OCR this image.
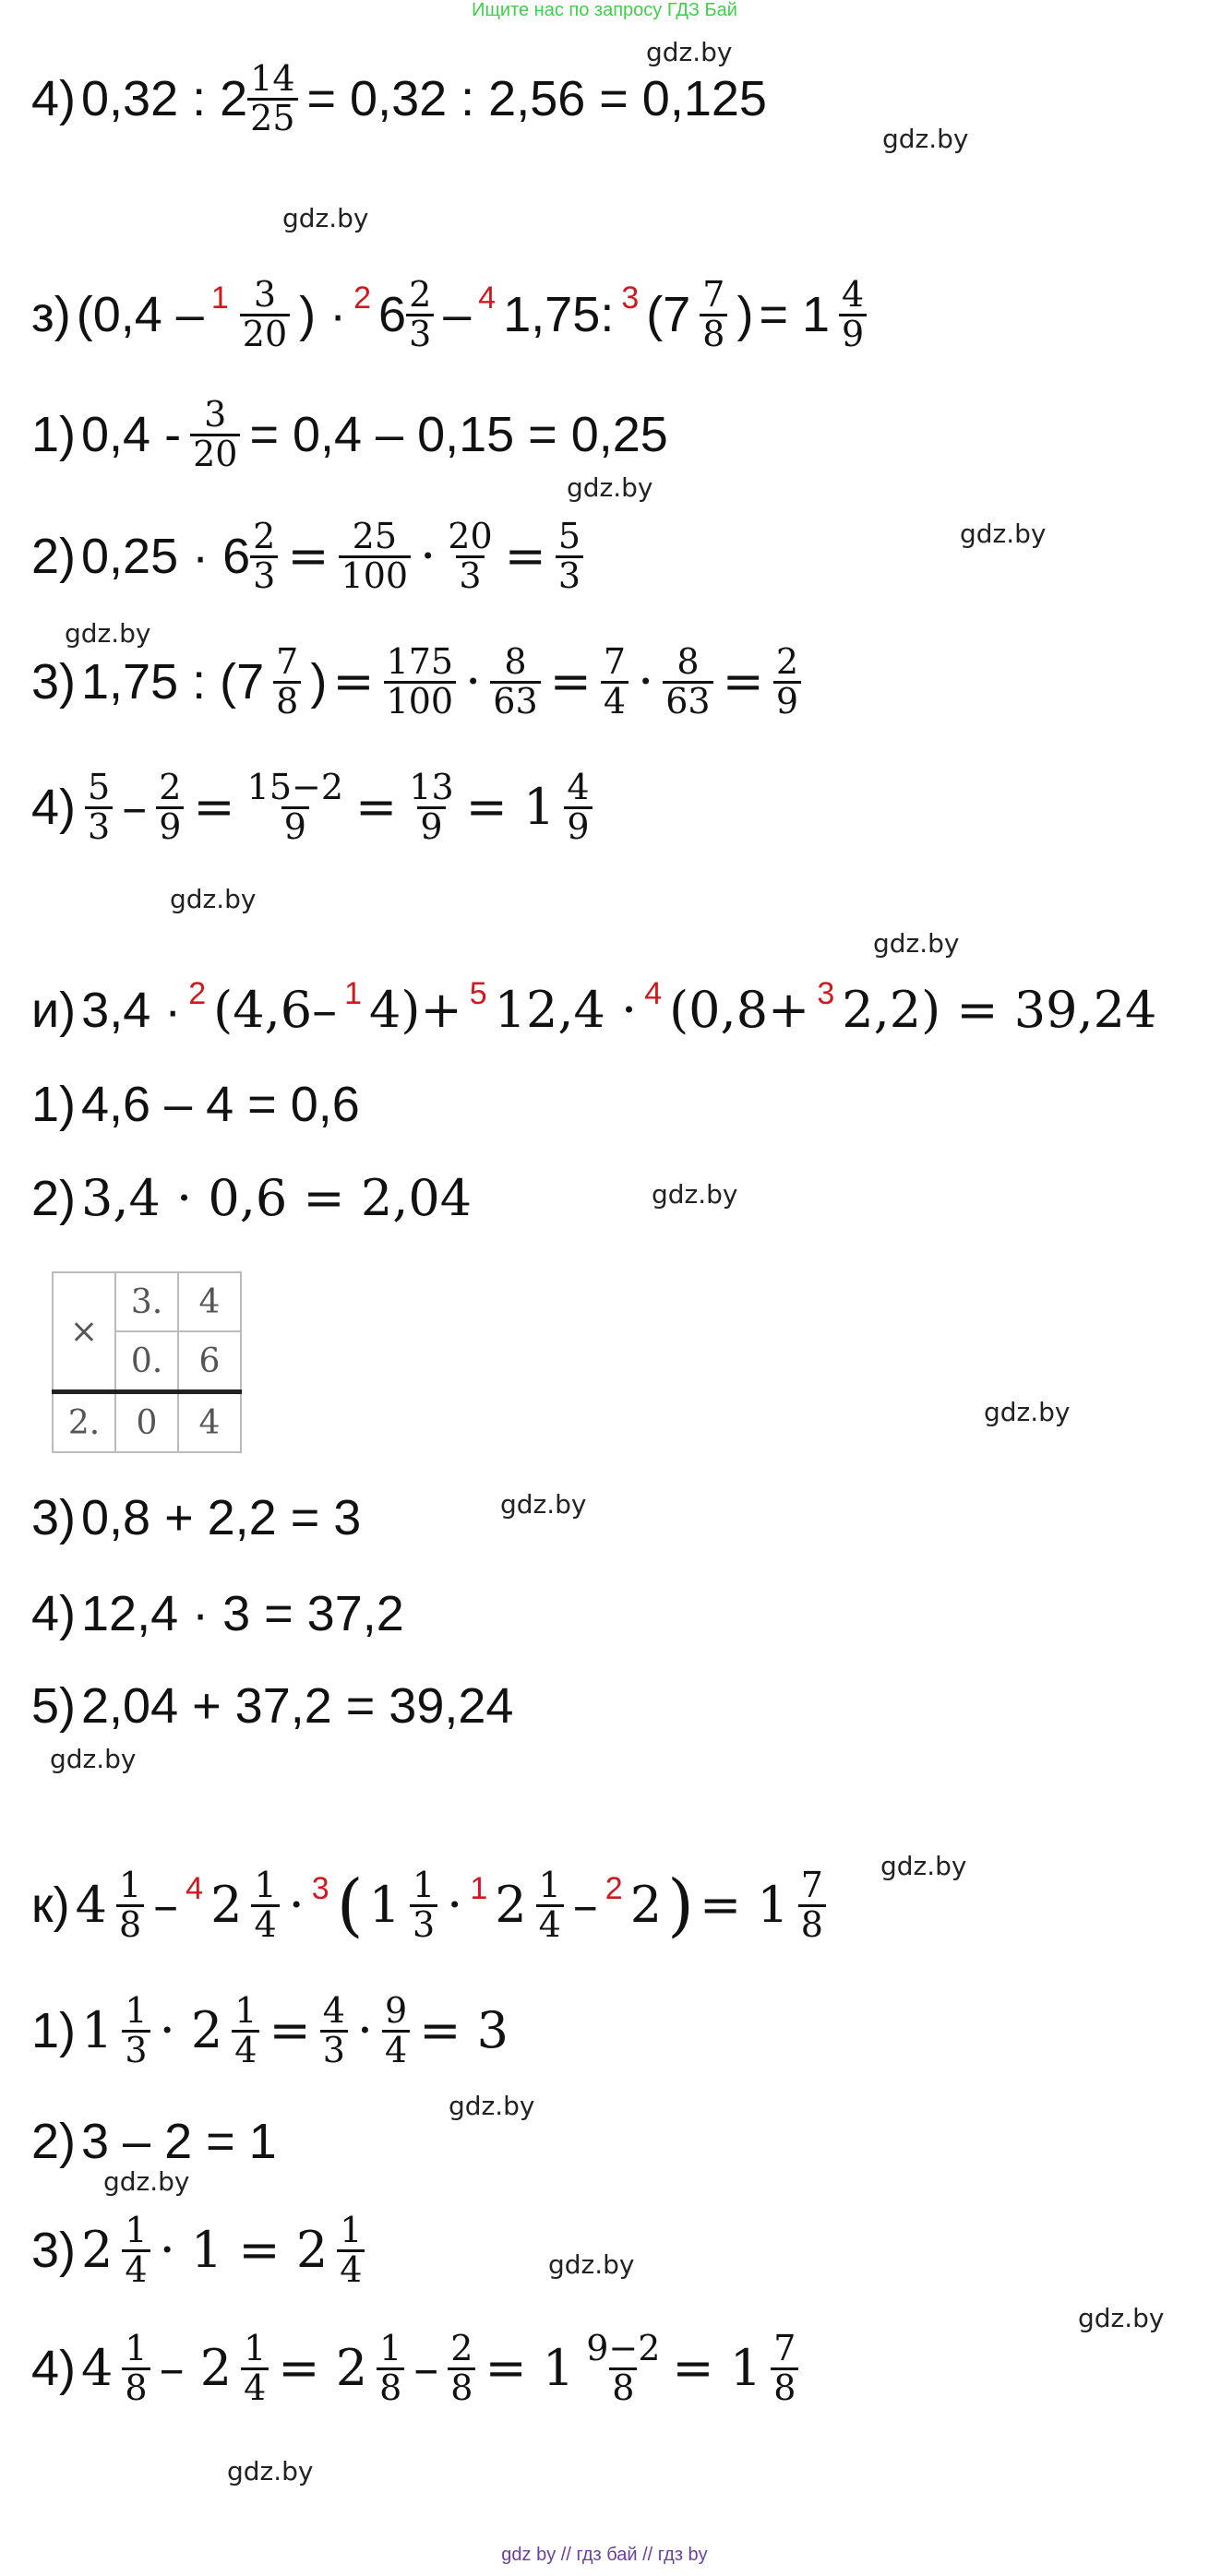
Ищите нас по запросу ГДЗ Бай
gdz.by
gdz.by
gdz.by
gdz.by
gdz.by
gdz.by
gdz.by
gdz.by
gdz.by
gdz.by
gdz.by
gdz.by
gdz.by
gdz.by
gdz.by
gdz.by
gdz.by
gdz.by
4) 0,32 : $2 \frac{14}{25} = 0,32$ : 2,56 = 0,125
з) ($0,4 - 1 \frac{3}{20}$ ) · 2 $6 \frac{2}{3} - 4$ 1,75: 3 ($7 \frac{7}{8}$ ) = $1 \frac{4}{9}$
1) $0,4 - \frac{3}{20} = 0,4 - 0,15 = 0,25$
2) $0,25 \cdot 6 \frac{2}{3} = \frac{25}{100} \cdot \frac{20}{3} = \frac{5}{3}$
3) 1,75 : ($7 \frac{7}{8}$ ) = $\frac{175}{100} \cdot \frac{8}{63} = \frac{7}{4} \cdot \frac{8}{63} = \frac{2}{9}$
$4) \frac{5}{3} - \frac{2}{9} = \frac{15-2}{9} = \frac{13}{9} = 1 \frac{4}{9}$
и) 3,4 · 2 (4,6– 1 4)+ 5 12,4 · 4 (0,8+ 3 2,2) = 39,24
1) 4,6 – 4 = 0,6
2) 3,4 · 0,6 = 2,04
×	3.	4
	0.	6
2.	0	4
3) 0,8 + 2,2 = 3
4) 12,4 · 3 = 37,2
5) 2,04 + 37,2 = 39,24
к) $4 \frac{1}{8} - 4$ $2 \frac{1}{4} \cdot 3$ ( $1 \frac{1}{3} \cdot 1$ $2 \frac{1}{4} - 2$ 2 ) = $1 \frac{7}{8}$
1) $1 \frac{1}{3} \cdot 2 \frac{1}{4} = \frac{4}{3} \cdot \frac{9}{4} = 3$
2) 3 – 2 = 1
3) $2 \frac{1}{4} \cdot 1 = 2 \frac{1}{4}$
4) $4 \frac{1}{8} - 2 \frac{1}{4} = 2 \frac{1}{8} - \frac{2}{8} = 1 \frac{9-2}{8} = 1 \frac{7}{8}$
gdz by // гдз бай // гдз by
